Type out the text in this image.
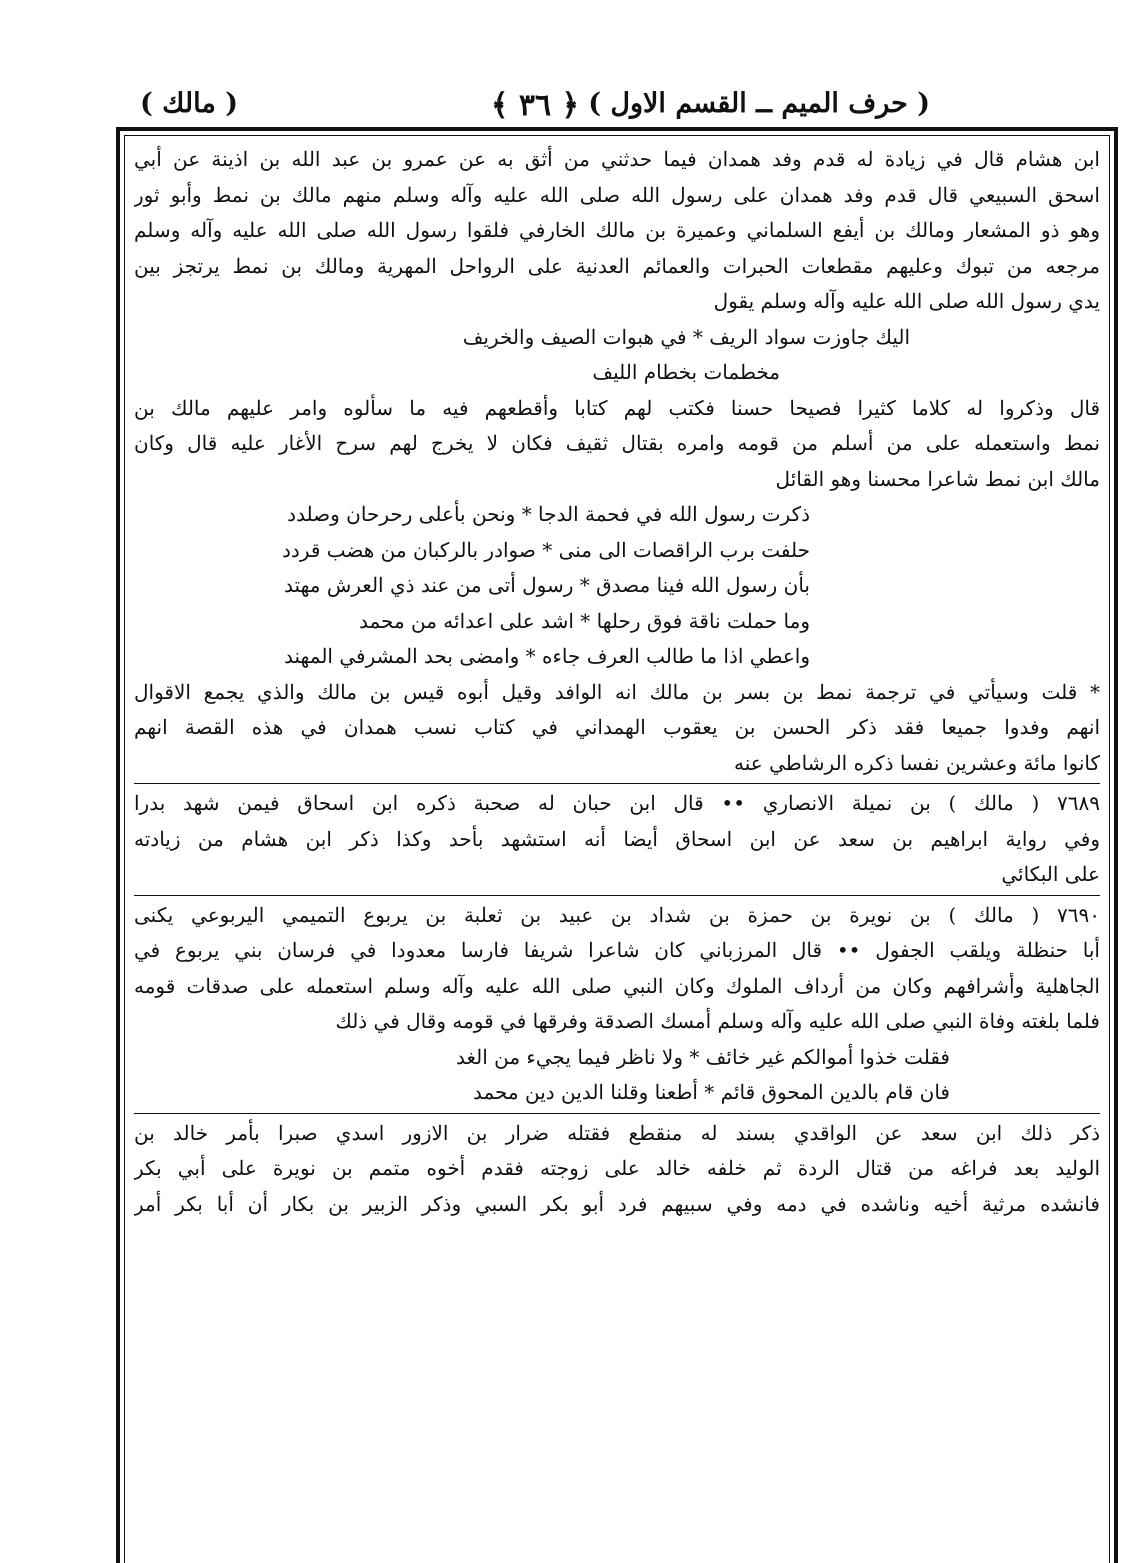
( حرف الميم ــ القسم الاول )
﴿ ٣٦ ﴾
( مالك )

ابن هشام قال في زيادة له قدم وفد همدان فيما حدثني من أثق به عن عمرو بن عبد الله بن اذينة عن أبي

اسحق السبيعي قال قدم وفد همدان على رسول الله صلى الله عليه وآله وسلم منهم مالك بن نمط وأبو ثور

وهو ذو المشعار ومالك بن أيفع السلماني وعميرة بن مالك الخارفي فلقوا رسول الله صلى الله عليه وآله وسلم

مرجعه من تبوك وعليهم مقطعات الحبرات والعمائم العدنية على الرواحل المهرية ومالك بن نمط يرتجز بين

يدي رسول الله صلى الله عليه وآله وسلم يقول

اليك جاوزت سواد الريف * في هبوات الصيف والخريف

مخطمات بخطام الليف

قال وذكروا له كلاما كثيرا فصيحا حسنا فكتب لهم كتابا وأقطعهم فيه ما سألوه وامر عليهم مالك بن

نمط واستعمله على من أسلم من قومه وامره بقتال ثقيف فكان لا يخرج لهم سرح الأغار عليه قال وكان

مالك ابن نمط شاعرا محسنا وهو القائل

ذكرت رسول الله في فحمة الدجا * ونحن بأعلى رحرحان وصلدد

حلفت برب الراقصات الى منى * صوادر بالركبان من هضب قردد

بأن رسول الله فينا مصدق * رسول أتى من عند ذي العرش مهتد

وما حملت ناقة فوق رحلها * اشد على اعدائه من محمد

واعطي اذا ما طالب العرف جاءه * وامضى بحد المشرفي المهند

* قلت وسيأتي في ترجمة نمط بن بسر بن مالك انه الوافد وقيل أبوه قيس بن مالك والذي يجمع الاقوال

انهم وفدوا جميعا فقد ذكر الحسن بن يعقوب الهمداني في كتاب نسب همدان في هذه القصة انهم

كانوا مائة وعشرين نفسا ذكره الرشاطي عنه

٧٦٨٩ ( مالك ) بن نميلة الانصاري •• قال ابن حبان له صحبة ذكره ابن اسحاق فيمن شهد بدرا

وفي رواية ابراهيم بن سعد عن ابن اسحاق أيضا أنه استشهد بأحد وكذا ذكر ابن هشام من زيادته

على البكائي

٧٦٩٠ ( مالك ) بن نويرة بن حمزة بن شداد بن عبيد بن ثعلبة بن يربوع التميمي اليربوعي يكنى

أبا حنظلة ويلقب الجفول •• قال المرزباني كان شاعرا شريفا فارسا معدودا في فرسان بني يربوع في

الجاهلية وأشرافهم وكان من أرداف الملوك وكان النبي صلى الله عليه وآله وسلم استعمله على صدقات قومه

فلما بلغته وفاة النبي صلى الله عليه وآله وسلم أمسك الصدقة وفرقها في قومه وقال في ذلك

فقلت خذوا أموالكم غير خائف * ولا ناظر فيما يجيء من الغد

فان قام بالدين المحوق قائم * أطعنا وقلنا الدين دين محمد

ذكر ذلك ابن سعد عن الواقدي بسند له منقطع فقتله ضرار بن الازور اسدي صبرا بأمر خالد بن

الوليد بعد فراغه من قتال الردة ثم خلفه خالد على زوجته فقدم أخوه متمم بن نويرة على أبي بكر

فانشده مرثية أخيه وناشده في دمه وفي سبيهم فرد أبو بكر السبي وذكر الزبير بن بكار أن أبا بكر أمر
